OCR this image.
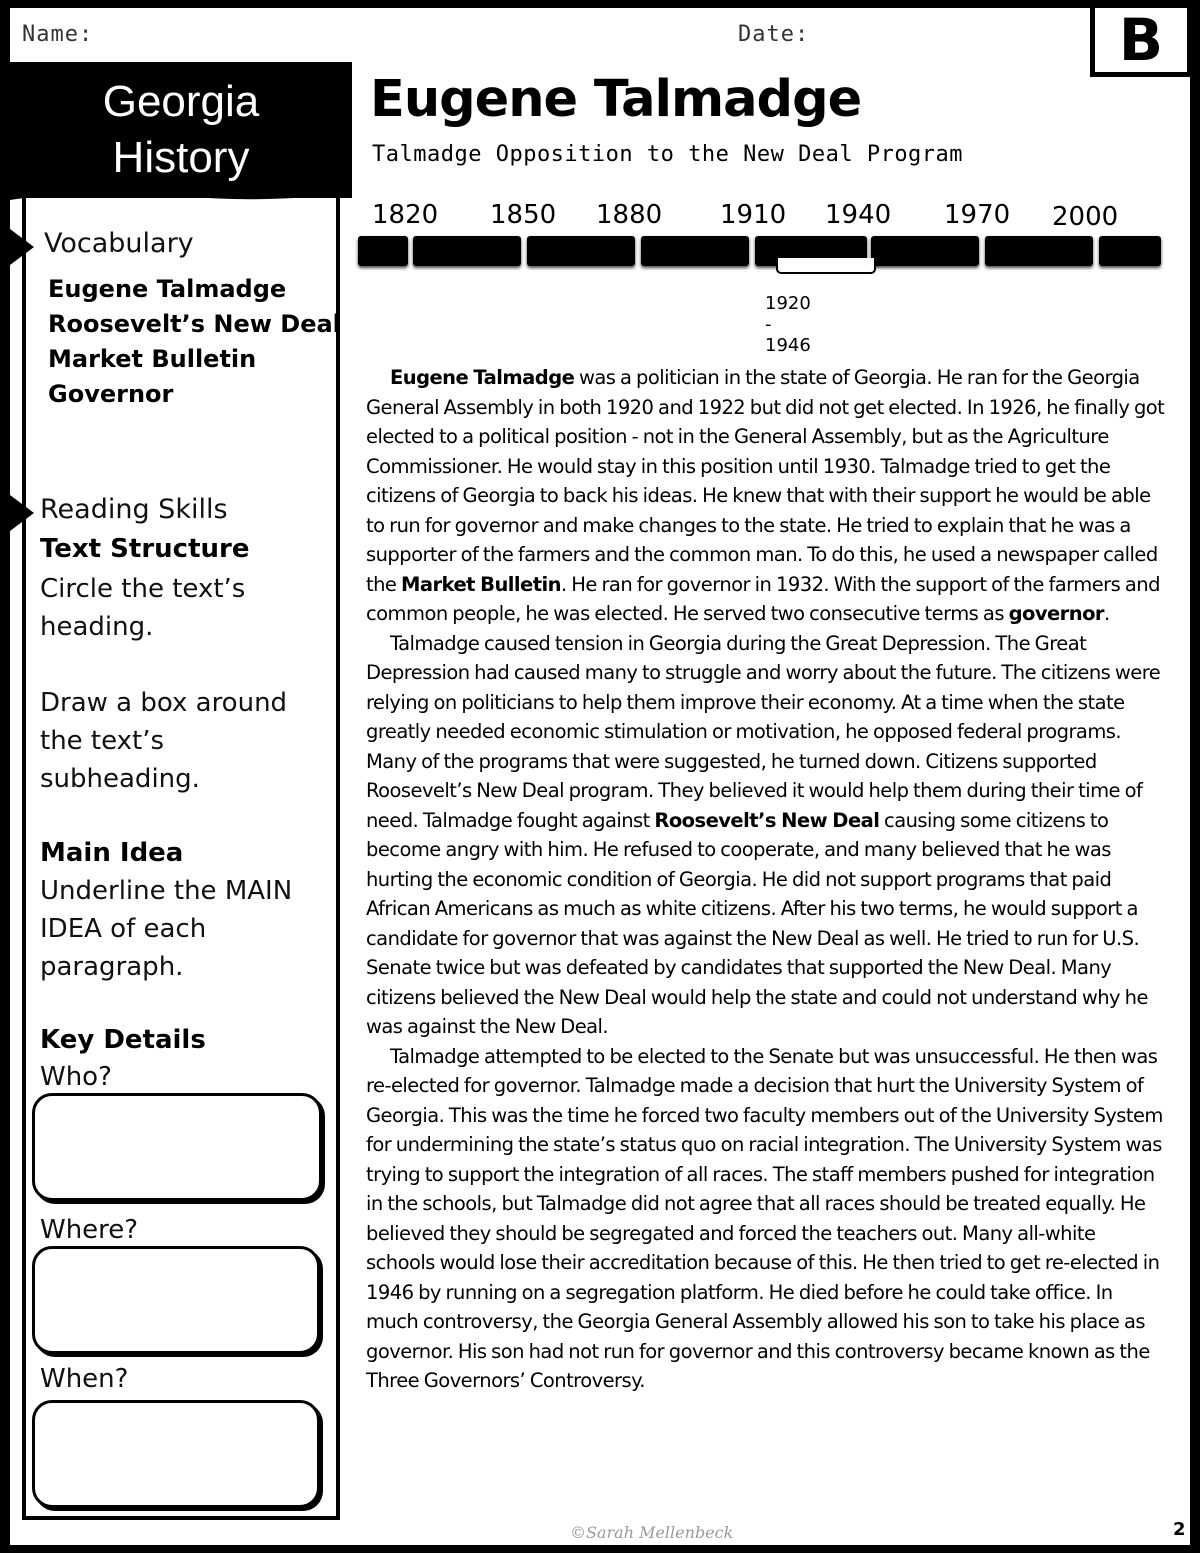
Name:	Date:	B
Georgia
History
Vocabulary
Eugene Talmadge
Roosevelt’s New Deal
Market Bulletin
Governor
Reading Skills
Text Structure
Circle the text’s
heading.
Draw a box around
the text’s
subheading.
Main Idea
Underline the MAIN
IDEA of each
paragraph.
Key Details
Who?
Where?
When?
Eugene Talmadge
Talmadge Opposition to the New Deal Program
1820 1850 1880 1910 1940 1970 2000
1920 - 1946

Eugene Talmadge was a politician in the state of Georgia. He ran for the Georgia General Assembly in both 1920 and 1922 but did not get elected. In 1926, he finally got elected to a political position - not in the General Assembly, but as the Agriculture Commissioner. He would stay in this position until 1930. Talmadge tried to get the citizens of Georgia to back his ideas. He knew that with their support he would be able to run for governor and make changes to the state. He tried to explain that he was a supporter of the farmers and the common man. To do this, he used a newspaper called the Market Bulletin. He ran for governor in 1932. With the support of the farmers and common people, he was elected. He served two consecutive terms as governor.

Talmadge caused tension in Georgia during the Great Depression. The Great Depression had caused many to struggle and worry about the future. The citizens were relying on politicians to help them improve their economy. At a time when the state greatly needed economic stimulation or motivation, he opposed federal programs. Many of the programs that were suggested, he turned down. Citizens supported Roosevelt’s New Deal program. They believed it would help them during their time of need. Talmadge fought against Roosevelt’s New Deal causing some citizens to become angry with him. He refused to cooperate, and many believed that he was hurting the economic condition of Georgia. He did not support programs that paid African Americans as much as white citizens. After his two terms, he would support a candidate for governor that was against the New Deal as well. He tried to run for U.S. Senate twice but was defeated by candidates that supported the New Deal. Many citizens believed the New Deal would help the state and could not understand why he was against the New Deal.

Talmadge attempted to be elected to the Senate but was unsuccessful. He then was re-elected for governor. Talmadge made a decision that hurt the University System of Georgia. This was the time he forced two faculty members out of the University System for undermining the state’s status quo on racial integration. The University System was trying to support the integration of all races. The staff members pushed for integration in the schools, but Talmadge did not agree that all races should be treated equally. He believed they should be segregated and forced the teachers out. Many all-white schools would lose their accreditation because of this. He then tried to get re-elected in 1946 by running on a segregation platform. He died before he could take office. In much controversy, the Georgia General Assembly allowed his son to take his place as governor. His son had not run for governor and this controversy became known as the Three Governors’ Controversy.

©Sarah Mellenbeck	2
